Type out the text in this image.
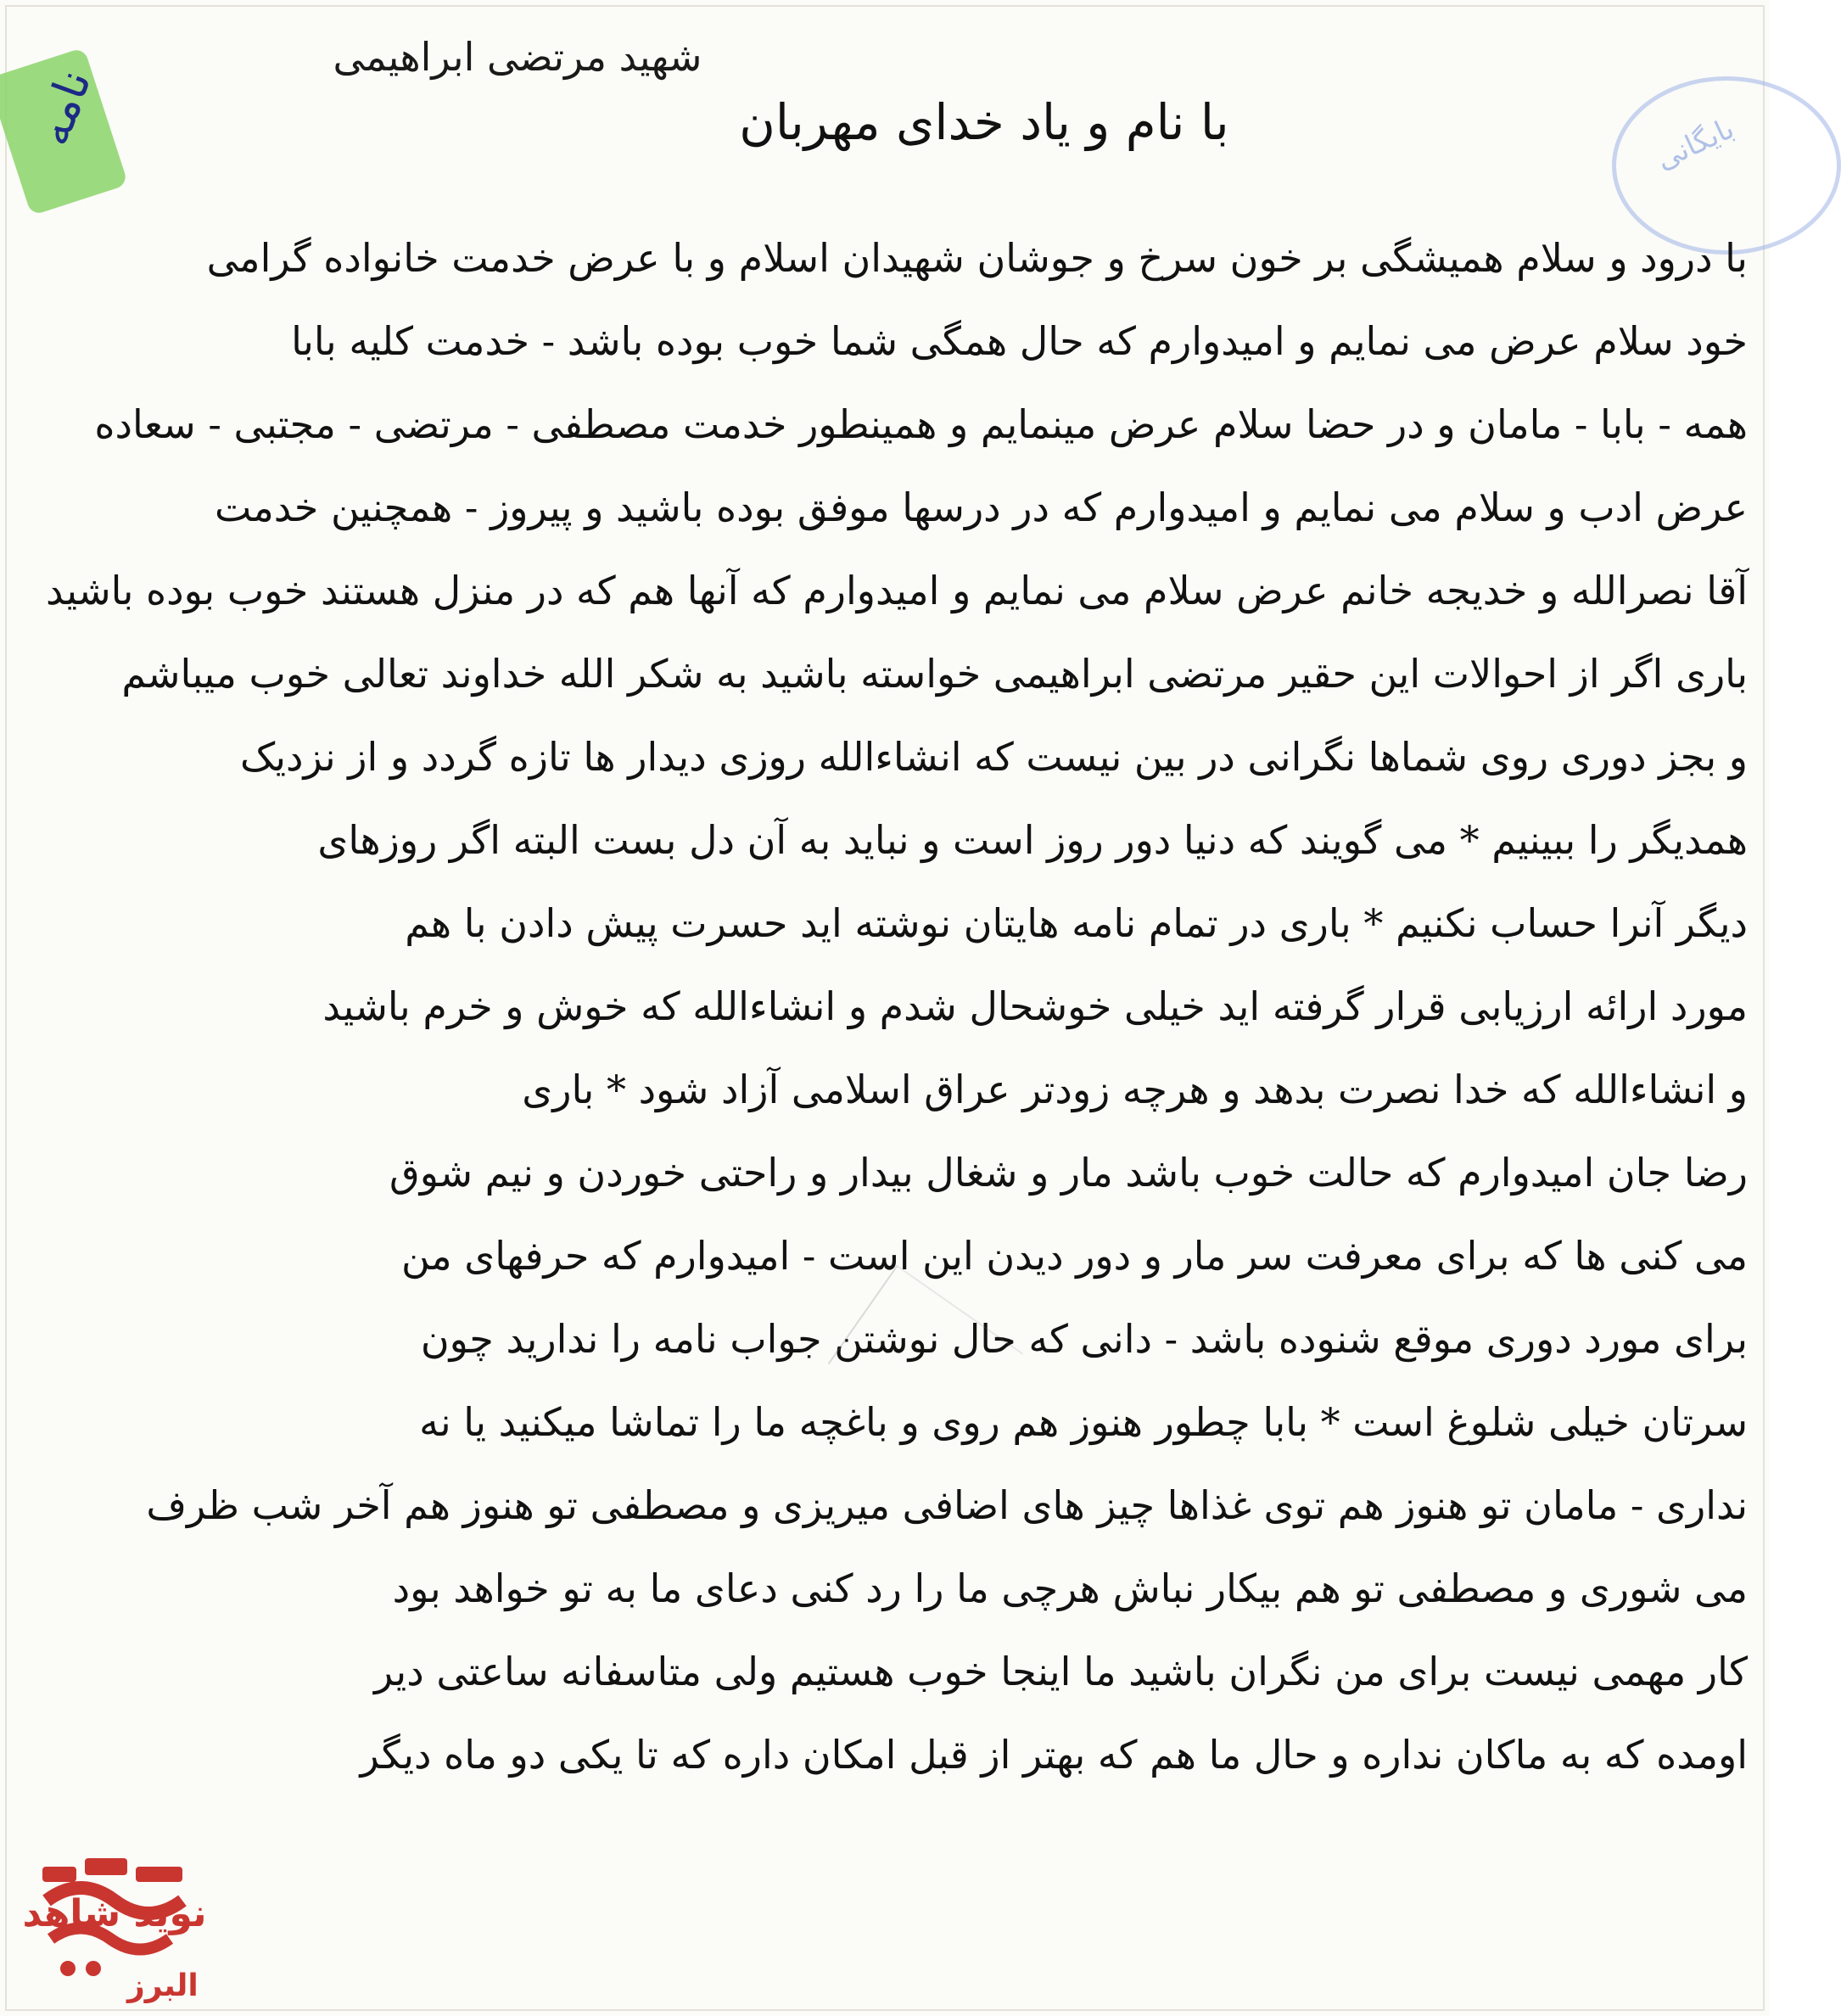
نامه	بایگانی
شهید مرتضی ابراهیمی
با نام و یاد خدای مهربان
با درود و سلام همیشگی بر خون سرخ و جوشان شهیدان اسلام و با عرض خدمت خانواده گرامی
خود سلام عرض می نمایم و امیدوارم که حال همگی شما خوب بوده باشد - خدمت کلیه بابا
همه - بابا - مامان و در حضا سلام عرض مینمایم و همینطور خدمت مصطفی - مرتضی - مجتبی - سعاده
عرض ادب و سلام می نمایم و امیدوارم که در درسها موفق بوده باشید و پیروز - همچنین خدمت
آقا نصرالله و خدیجه خانم عرض سلام می نمایم و امیدوارم که آنها هم که در منزل هستند خوب بوده باشید
باری اگر از احوالات این حقیر مرتضی ابراهیمی خواسته باشید به شکر الله خداوند تعالی خوب میباشم
و بجز دوری روی شماها نگرانی در بین نیست که انشاءالله روزی دیدار ها تازه گردد و از نزدیک
همدیگر را ببینیم * می گویند که دنیا دور روز است و نباید به آن دل بست البته اگر روزهای
دیگر آنرا حساب نکنیم * باری در تمام نامه هایتان نوشته اید حسرت پیش دادن با هم
مورد ارائه ارزیابی قرار گرفته اید خیلی خوشحال شدم و انشاءالله که خوش و خرم باشید
و انشاءالله که خدا نصرت بدهد و هرچه زودتر عراق اسلامی آزاد شود * باری
رضا جان امیدوارم که حالت خوب باشد مار و شغال بیدار و راحتی خوردن و نیم شوق
می کنی ها که برای معرفت سر مار و دور دیدن این است - امیدوارم که حرفهای من
برای مورد دوری موقع شنوده باشد - دانی که حال نوشتن جواب نامه را ندارید چون
سرتان خیلی شلوغ است * بابا چطور هنوز هم روی و باغچه ما را تماشا میکنید یا نه
نداری - مامان تو هنوز هم توی غذاها چیز های اضافی میریزی و مصطفی تو هنوز هم آخر شب ظرف
می شوری و مصطفی تو هم بیکار نباش هرچی ما را رد کنی دعای ما به تو خواهد بود
کار مهمی نیست برای من نگران باشید ما اینجا خوب هستیم ولی متاسفانه ساعتی دیر
اومده که به ماکان نداره و حال ما هم که بهتر از قبل امکان داره که تا یکی دو ماه دیگر
نوید شاهد
البرز
